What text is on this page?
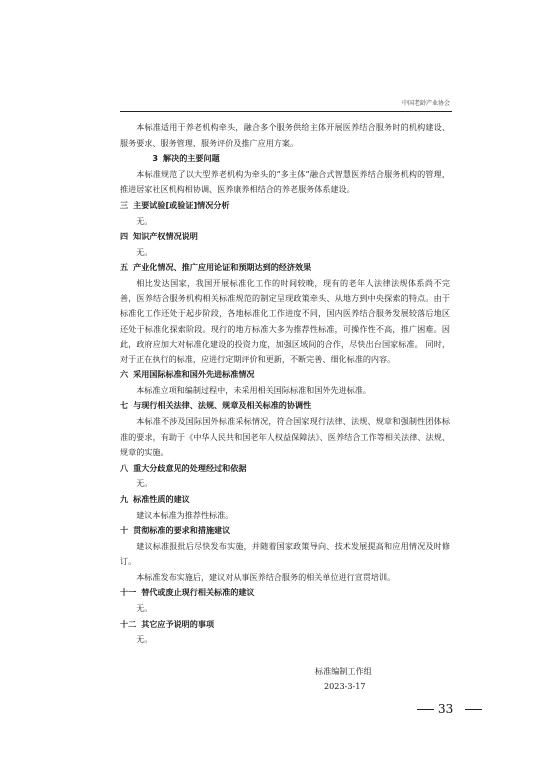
中国老龄产业协会

本标准适用于养老机构牵头，融合多个服务供给主体开展医养结合服务时的机构建设、服务要求、服务管理、服务评价及推广应用方案。

3 解决的主要问题

本标准规范了以大型养老机构为牵头的“多主体”融合式智慧医养结合服务机构的管理，推进居家社区机构相协调、医养康养相结合的养老服务体系建设。

三 主要试验[或验证]情况分析

无。

四 知识产权情况说明

无。

五 产业化情况、推广应用论证和预期达到的经济效果

相比发达国家，我国开展标准化工作的时间较晚，现有的老年人法律法规体系尚不完善，医养结合服务机构相关标准规范的制定呈现政策牵头、从地方到中央探索的特点。由于标准化工作还处于起步阶段，各地标准化工作进度不同，国内医养结合服务发展较落后地区还处于标准化探索阶段。现行的地方标准大多为推荐性标准，可操作性不高，推广困难。因此，政府应加大对标准化建设的投资力度，加强区域间的合作，尽快出台国家标准。 同时，对于正在执行的标准，应进行定期评价和更新，不断完善、细化标准的内容。

六 采用国际标准和国外先进标准情况

本标准立项和编制过程中，未采用相关国际标准和国外先进标准。

七 与现行相关法律、法规、规章及相关标准的协调性

本标准不涉及国际国外标准采标情况，符合国家现行法律、法规、规章和强制性团体标准的要求，有助于《中华人民共和国老年人权益保障法》、医养结合工作等相关法律、法规、规章的实施。

八 重大分歧意见的处理经过和依据

无。

九 标准性质的建议

建议本标准为推荐性标准。

十 贯彻标准的要求和措施建议

建议标准报批后尽快发布实施，并随着国家政策导向、技术发展提高和应用情况及时修订。

本标准发布实施后，建议对从事医养结合服务的相关单位进行宣贯培训。

十一 替代或废止现行相关标准的建议

无。

十二 其它应予说明的事项

无。

标准编制工作组
2023-3-17
33
